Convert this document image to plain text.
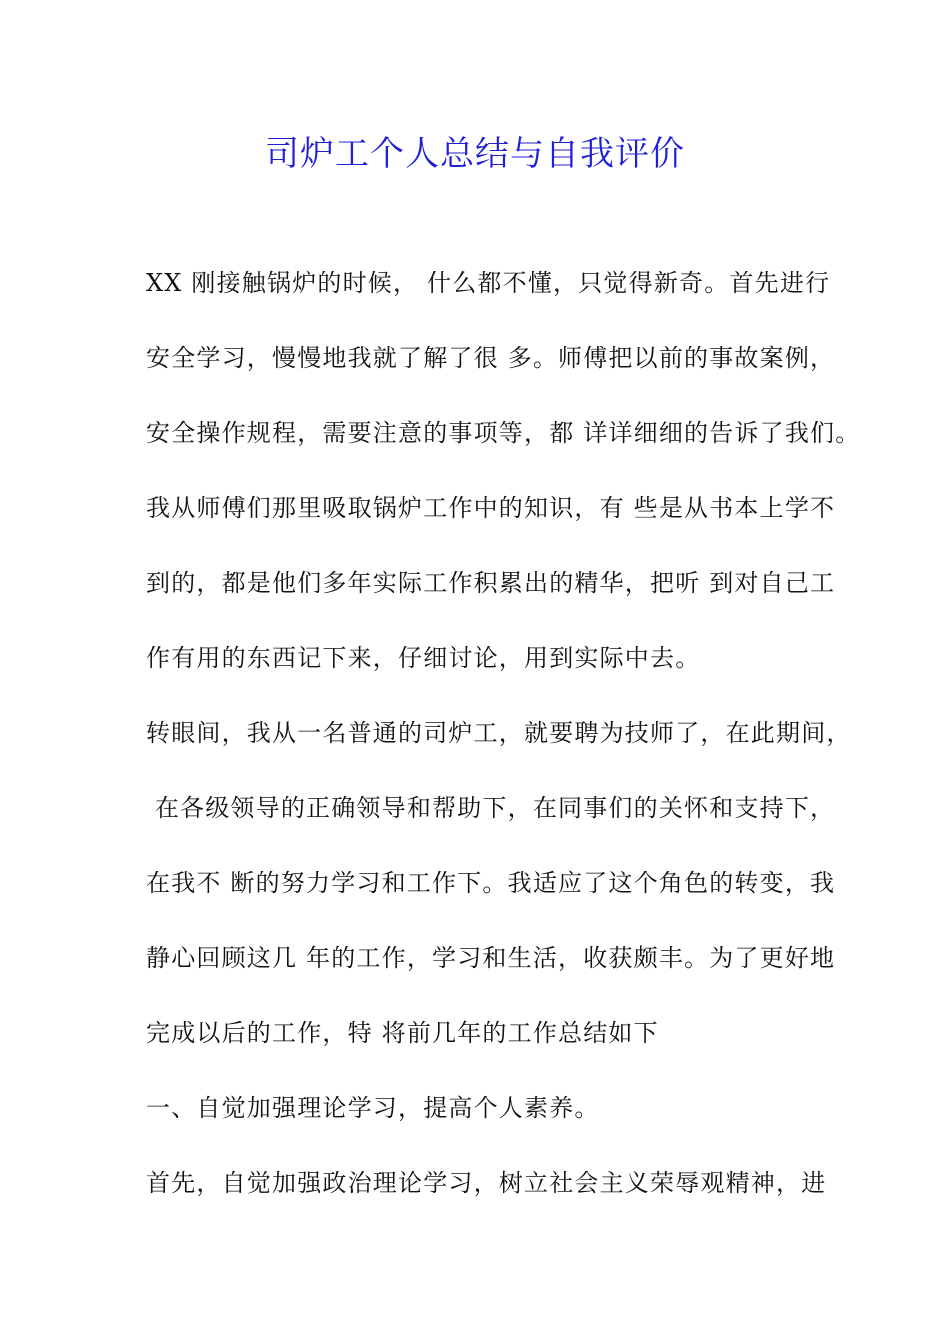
司炉工个人总结与自我评价
XX 刚接触锅炉的时候， 什么都不懂，只觉得新奇。首先进行
安全学习，慢慢地我就了解了很 多。师傅把以前的事故案例，
安全操作规程，需要注意的事项等，都 详详细细的告诉了我们。
我从师傅们那里吸取锅炉工作中的知识，有 些是从书本上学不
到的，都是他们多年实际工作积累出的精华，把听 到对自己工
作有用的东西记下来，仔细讨论，用到实际中去。
转眼间，我从一名普通的司炉工，就要聘为技师了，在此期间，
在各级领导的正确领导和帮助下，在同事们的关怀和支持下，
在我不 断的努力学习和工作下。我适应了这个角色的转变，我
静心回顾这几 年的工作，学习和生活，收获颇丰。为了更好地
完成以后的工作，特 将前几年的工作总结如下
一、自觉加强理论学习，提高个人素养。
首先，自觉加强政治理论学习，树立社会主义荣辱观精神，进
